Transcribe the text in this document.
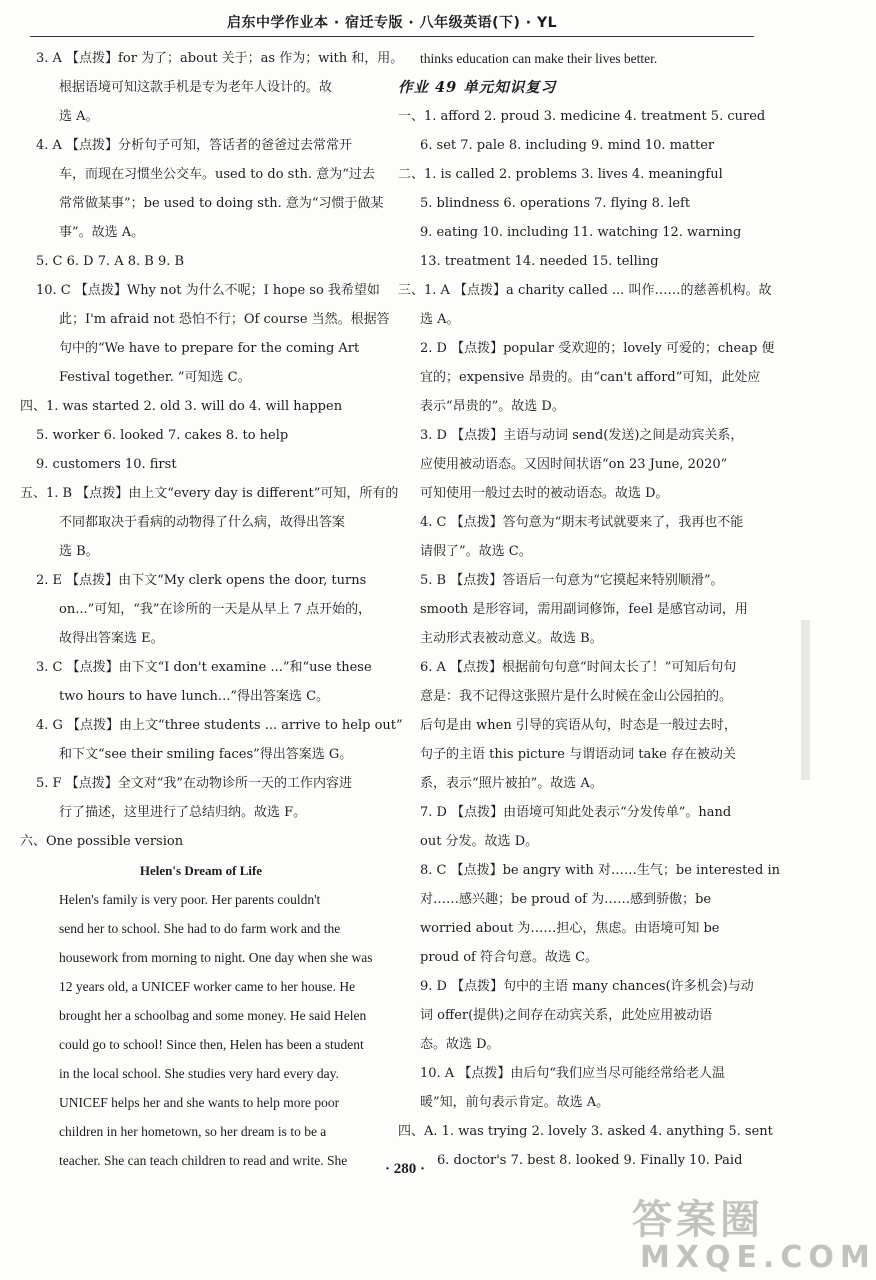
启东中学作业本 · 宿迁专版 · 八年级英语(下) · YL
3. A 【点拨】for 为了；about 关于；as 作为；with 和，用。
根据语境可知这款手机是专为老年人设计的。故
选 A。
4. A 【点拨】分析句子可知，答话者的爸爸过去常常开
车，而现在习惯坐公交车。used to do sth. 意为“过去
常常做某事”；be used to doing sth. 意为“习惯于做某
事”。故选 A。
5. C 6. D 7. A 8. B 9. B
10. C 【点拨】Why not 为什么不呢；I hope so 我希望如
此；I'm afraid not 恐怕不行；Of course 当然。根据答
句中的“We have to prepare for the coming Art
Festival together. ”可知选 C。
四、1. was started 2. old 3. will do 4. will happen
5. worker 6. looked 7. cakes 8. to help
9. customers 10. first
五、1. B 【点拨】由上文“every day is different”可知，所有的
不同都取决于看病的动物得了什么病，故得出答案
选 B。
2. E 【点拨】由下文“My clerk opens the door, turns
on...”可知，“我”在诊所的一天是从早上 7 点开始的，
故得出答案选 E。
3. C 【点拨】由下文“I don't examine ...”和“use these
two hours to have lunch...”得出答案选 C。
4. G 【点拨】由上文“three students ... arrive to help out”
和下文“see their smiling faces”得出答案选 G。
5. F 【点拨】全文对“我”在动物诊所一天的工作内容进
行了描述，这里进行了总结归纳。故选 F。
六、One possible version
Helen's Dream of Life
Helen's family is very poor. Her parents couldn't
send her to school. She had to do farm work and the
housework from morning to night. One day when she was
12 years old, a UNICEF worker came to her house. He
brought her a schoolbag and some money. He said Helen
could go to school! Since then, Helen has been a student
in the local school. She studies very hard every day.
UNICEF helps her and she wants to help more poor
children in her hometown, so her dream is to be a
teacher. She can teach children to read and write. She
thinks education can make their lives better.
作业 49 单元知识复习
一、1. afford 2. proud 3. medicine 4. treatment 5. cured
6. set 7. pale 8. including 9. mind 10. matter
二、1. is called 2. problems 3. lives 4. meaningful
5. blindness 6. operations 7. flying 8. left
9. eating 10. including 11. watching 12. warning
13. treatment 14. needed 15. telling
三、1. A 【点拨】a charity called ... 叫作……的慈善机构。故
选 A。
2. D 【点拨】popular 受欢迎的；lovely 可爱的；cheap 便
宜的；expensive 昂贵的。由“can't afford”可知，此处应
表示“昂贵的”。故选 D。
3. D 【点拨】主语与动词 send(发送)之间是动宾关系，
应使用被动语态。又因时间状语“on 23 June, 2020”
可知使用一般过去时的被动语态。故选 D。
4. C 【点拨】答句意为“期末考试就要来了，我再也不能
请假了”。故选 C。
5. B 【点拨】答语后一句意为“它摸起来特别顺滑”。
smooth 是形容词，需用副词修饰，feel 是感官动词，用
主动形式表被动意义。故选 B。
6. A 【点拨】根据前句句意“时间太长了！”可知后句句
意是：我不记得这张照片是什么时候在金山公园拍的。
后句是由 when 引导的宾语从句，时态是一般过去时，
句子的主语 this picture 与谓语动词 take 存在被动关
系，表示“照片被拍”。故选 A。
7. D 【点拨】由语境可知此处表示“分发传单”。hand
out 分发。故选 D。
8. C 【点拨】be angry with 对……生气；be interested in
对……感兴趣；be proud of 为……感到骄傲；be
worried about 为……担心，焦虑。由语境可知 be
proud of 符合句意。故选 C。
9. D 【点拨】句中的主语 many chances(许多机会)与动
词 offer(提供)之间存在动宾关系，此处应用被动语
态。故选 D。
10. A 【点拨】由后句“我们应当尽可能经常给老人温
暖”知，前句表示肯定。故选 A。
四、A. 1. was trying 2. lovely 3. asked 4. anything 5. sent
6. doctor's 7. best 8. looked 9. Finally 10. Paid
· 280 ·
答案圈
MXQE.COM
